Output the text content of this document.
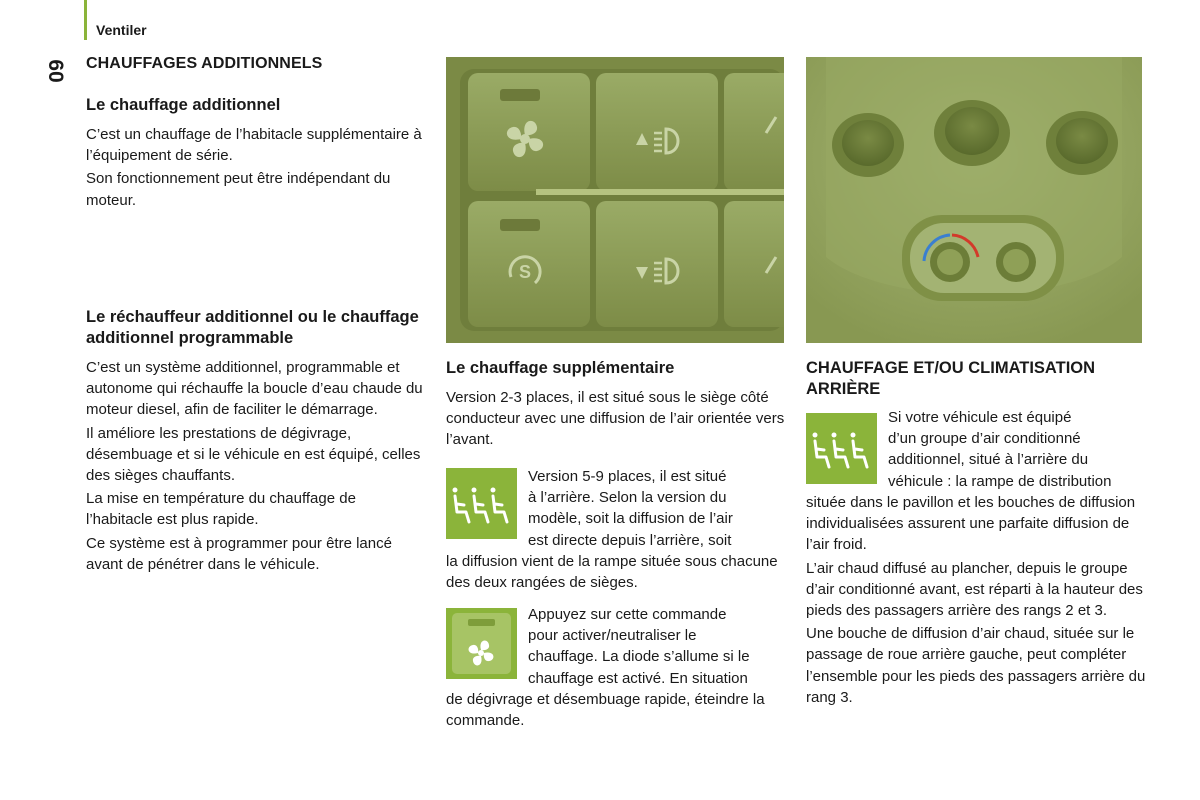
Ventiler
60 CHAUFFAGES ADDITIONNELS
Le chauffage additionnel

C’est un chauffage de l’habitacle supplémentaire à l’équipement de série.

Son fonctionnement peut être indépendant du moteur.

Le réchauffeur additionnel ou le chauffage additionnel programmable

C’est un système additionnel, programmable et autonome qui réchauffe la boucle d’eau chaude du moteur diesel, afin de faciliter le démarrage.

Il améliore les prestations de dégivrage, désembuage et si le véhicule en est équipé, celles des sièges chauffants.

La mise en température du chauffage de l’habitacle est plus rapide.

Ce système est à programmer pour être lancé avant de pénétrer dans le véhicule.

S
Le chauffage supplémentaire

Version 2-3 places, il est situé sous le siège côté conducteur avec une diffusion de l’air orientée vers l’avant.

Version 5-9 places, il est situé

à l’arrière. Selon la version du

modèle, soit la diffusion de l’air

est directe depuis l’arrière, soit

la diffusion vient de la rampe située sous chacune des deux rangées de sièges.

Appuyez sur cette commande

pour activer/neutraliser le

chauffage. La diode s’allume si le

chauffage est activé. En situation

de dégivrage et désembuage rapide, éteindre la commande.

CHAUFFAGE ET/OU CLIMATISATION ARRIÈRE

Si votre véhicule est équipé

d’un groupe d’air conditionné

additionnel, situé à l’arrière du

véhicule : la rampe de distribution

située dans le pavillon et les bouches de diffusion individualisées assurent une parfaite diffusion de l’air froid.

L’air chaud diffusé au plancher, depuis le groupe d’air conditionné avant, est réparti à la hauteur des pieds des passagers arrière des rangs 2 et 3.

Une bouche de diffusion d’air chaud, située sur le passage de roue arrière gauche, peut compléter l’ensemble pour les pieds des passagers arrière du rang 3.
